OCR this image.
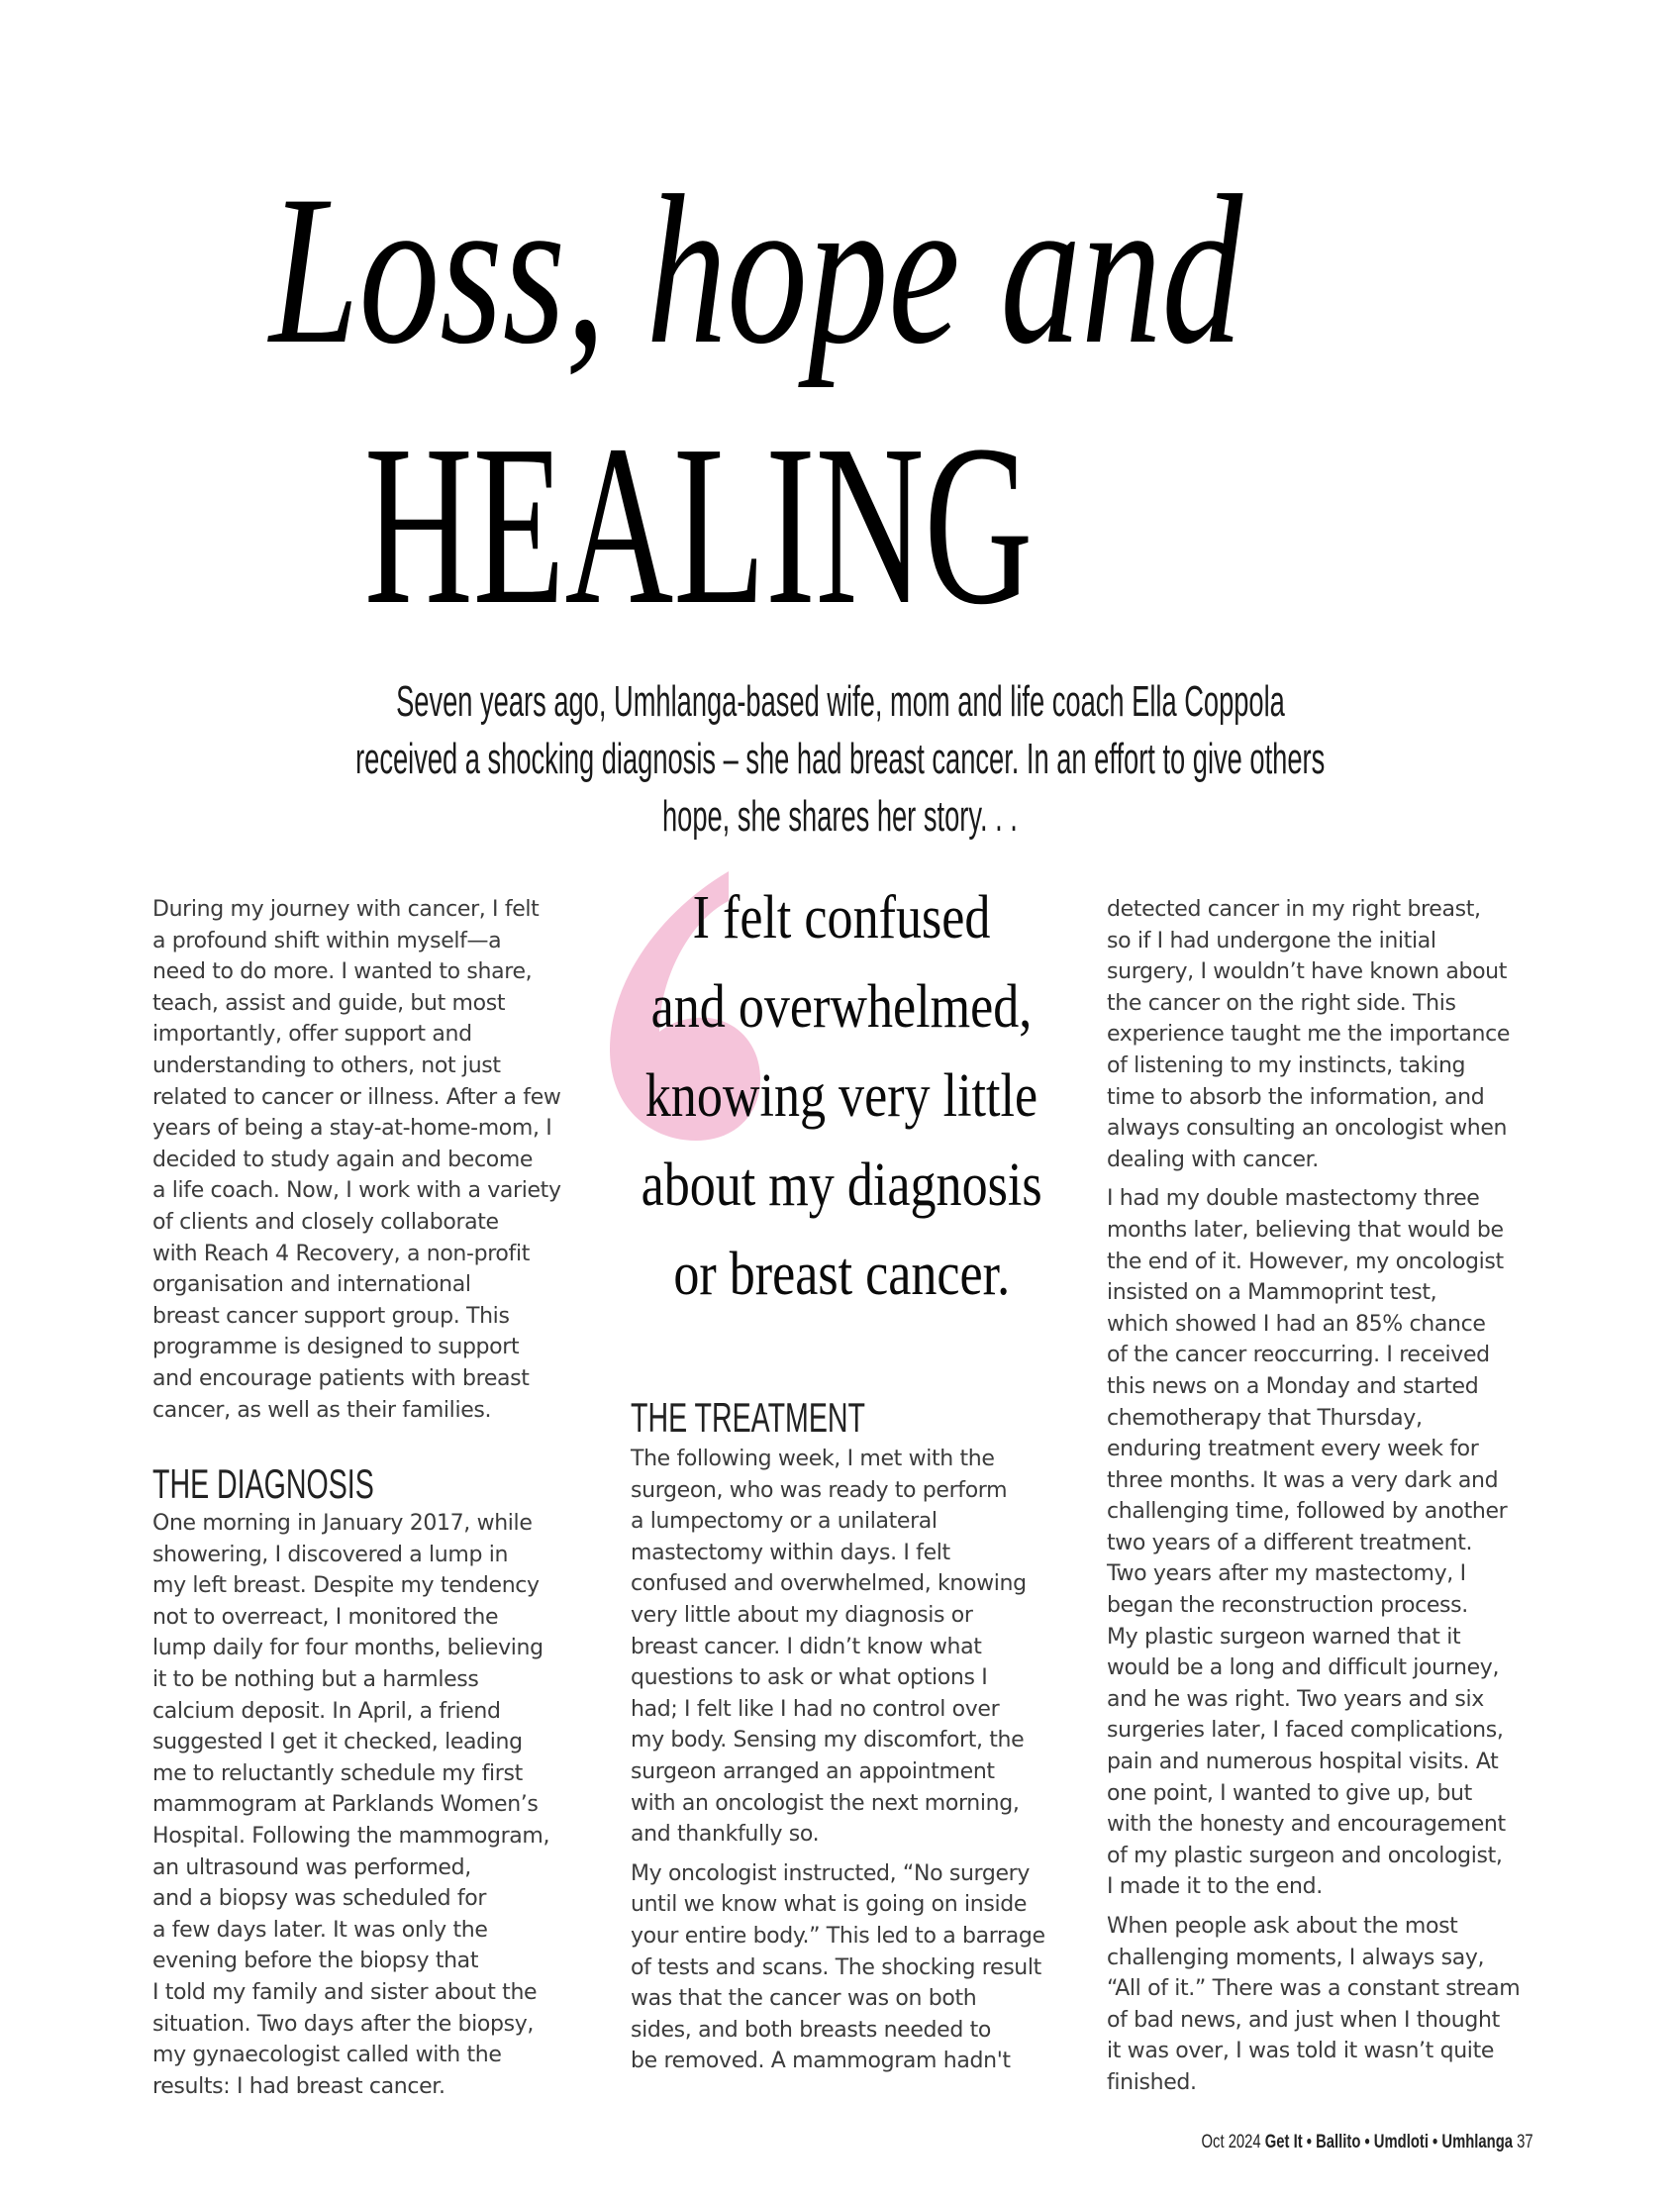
Loss, hope and
HEALING
Seven years ago, Umhlanga-based wife, mom and life coach Ella Coppola
received a shocking diagnosis – she had breast cancer. In an effort to give others
hope, she shares her story. . .
During my journey with cancer, I felt
a profound shift within myself—a
need to do more. I wanted to share,
teach, assist and guide, but most
importantly, offer support and
understanding to others, not just
related to cancer or illness. After a few
years of being a stay-at-home-mom, I
decided to study again and become
a life coach. Now, I work with a variety
of clients and closely collaborate
with Reach 4 Recovery, a non-profit
organisation and international
breast cancer support group. This
programme is designed to support
and encourage patients with breast
cancer, as well as their families.
THE DIAGNOSIS
One morning in January 2017, while
showering, I discovered a lump in
my left breast. Despite my tendency
not to overreact, I monitored the
lump daily for four months, believing
it to be nothing but a harmless
calcium deposit. In April, a friend
suggested I get it checked, leading
me to reluctantly schedule my first
mammogram at Parklands Women’s
Hospital. Following the mammogram,
an ultrasound was performed,
and a biopsy was scheduled for
a few days later. It was only the
evening before the biopsy that
I told my family and sister about the
situation. Two days after the biopsy,
my gynaecologist called with the
results: I had breast cancer.
I felt confused
and overwhelmed,
knowing very little
about my diagnosis
or breast cancer.
THE TREATMENT
The following week, I met with the
surgeon, who was ready to perform
a lumpectomy or a unilateral
mastectomy within days. I felt
confused and overwhelmed, knowing
very little about my diagnosis or
breast cancer. I didn’t know what
questions to ask or what options I
had; I felt like I had no control over
my body. Sensing my discomfort, the
surgeon arranged an appointment
with an oncologist the next morning,
and thankfully so.
My oncologist instructed, “No surgery
until we know what is going on inside
your entire body.” This led to a barrage
of tests and scans. The shocking result
was that the cancer was on both
sides, and both breasts needed to
be removed. A mammogram hadn't
detected cancer in my right breast,
so if I had undergone the initial
surgery, I wouldn’t have known about
the cancer on the right side. This
experience taught me the importance
of listening to my instincts, taking
time to absorb the information, and
always consulting an oncologist when
dealing with cancer.
I had my double mastectomy three
months later, believing that would be
the end of it. However, my oncologist
insisted on a Mammoprint test,
which showed I had an 85% chance
of the cancer reoccurring. I received
this news on a Monday and started
chemotherapy that Thursday,
enduring treatment every week for
three months. It was a very dark and
challenging time, followed by another
two years of a different treatment.
Two years after my mastectomy, I
began the reconstruction process.
My plastic surgeon warned that it
would be a long and difficult journey,
and he was right. Two years and six
surgeries later, I faced complications,
pain and numerous hospital visits. At
one point, I wanted to give up, but
with the honesty and encouragement
of my plastic surgeon and oncologist,
I made it to the end.
When people ask about the most
challenging moments, I always say,
“All of it.” There was a constant stream
of bad news, and just when I thought
it was over, I was told it wasn’t quite
finished.
Oct 2024 Get It • Ballito • Umdloti • Umhlanga 37
